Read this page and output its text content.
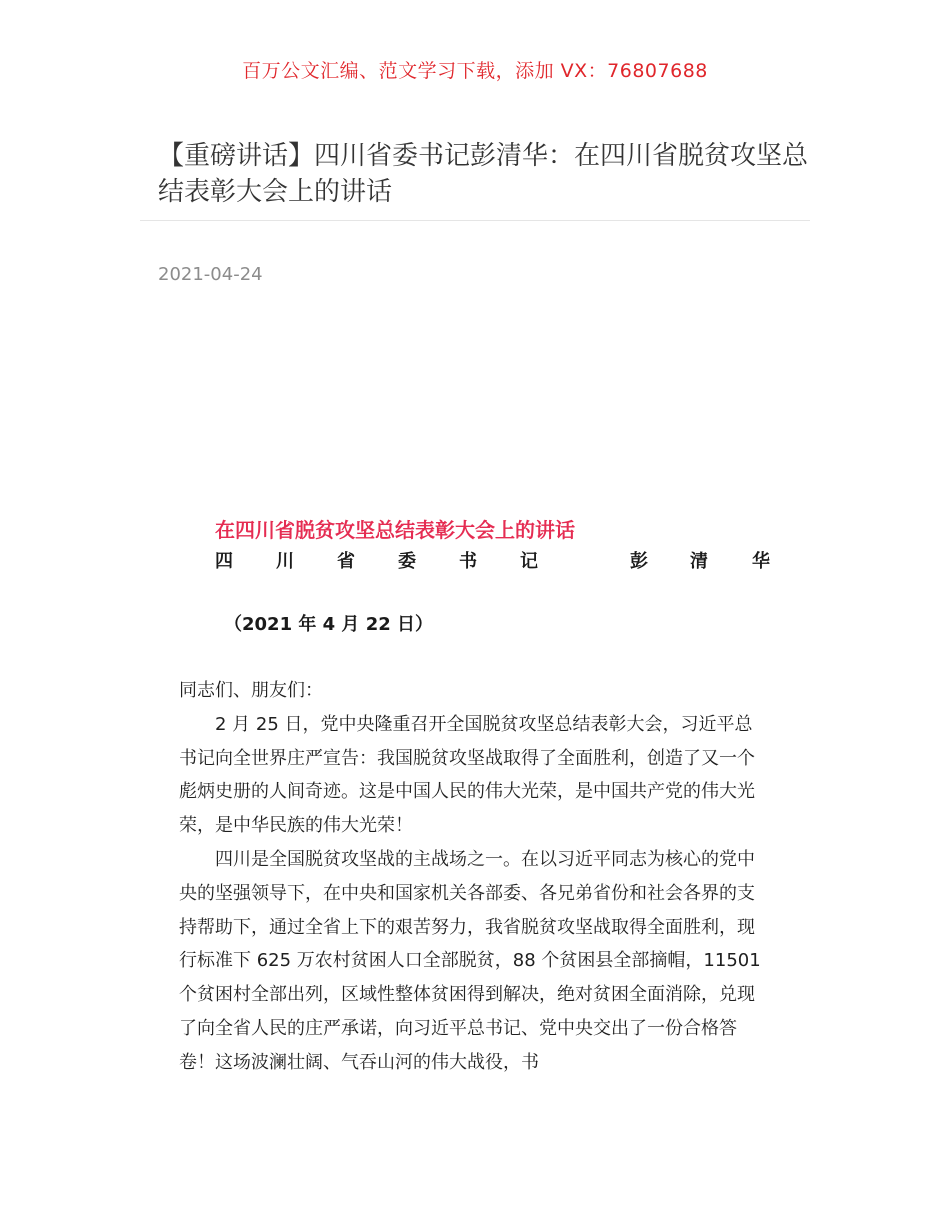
百万公文汇编、范文学习下载，添加 VX：76807688
【重磅讲话】四川省委书记彭清华：在四川省脱贫攻坚总结表彰大会上的讲话
2021-04-24
在四川省脱贫攻坚总结表彰大会上的讲话
四 川 省 委 书 记	彭 清 华
（2021 年 4 月 22 日）

同志们、朋友们：

2 月 25 日，党中央隆重召开全国脱贫攻坚总结表彰大会，习近平总书记向全世界庄严宣告：我国脱贫攻坚战取得了全面胜利，创造了又一个彪炳史册的人间奇迹。这是中国人民的伟大光荣，是中国共产党的伟大光荣，是中华民族的伟大光荣！

四川是全国脱贫攻坚战的主战场之一。在以习近平同志为核心的党中央的坚强领导下，在中央和国家机关各部委、各兄弟省份和社会各界的支持帮助下，通过全省上下的艰苦努力，我省脱贫攻坚战取得全面胜利，现行标准下 625 万农村贫困人口全部脱贫，88 个贫困县全部摘帽，11501 个贫困村全部出列，区域性整体贫困得到解决，绝对贫困全面消除，兑现了向全省人民的庄严承诺，向习近平总书记、党中央交出了一份合格答卷！这场波澜壮阔、气吞山河的伟大战役，书
